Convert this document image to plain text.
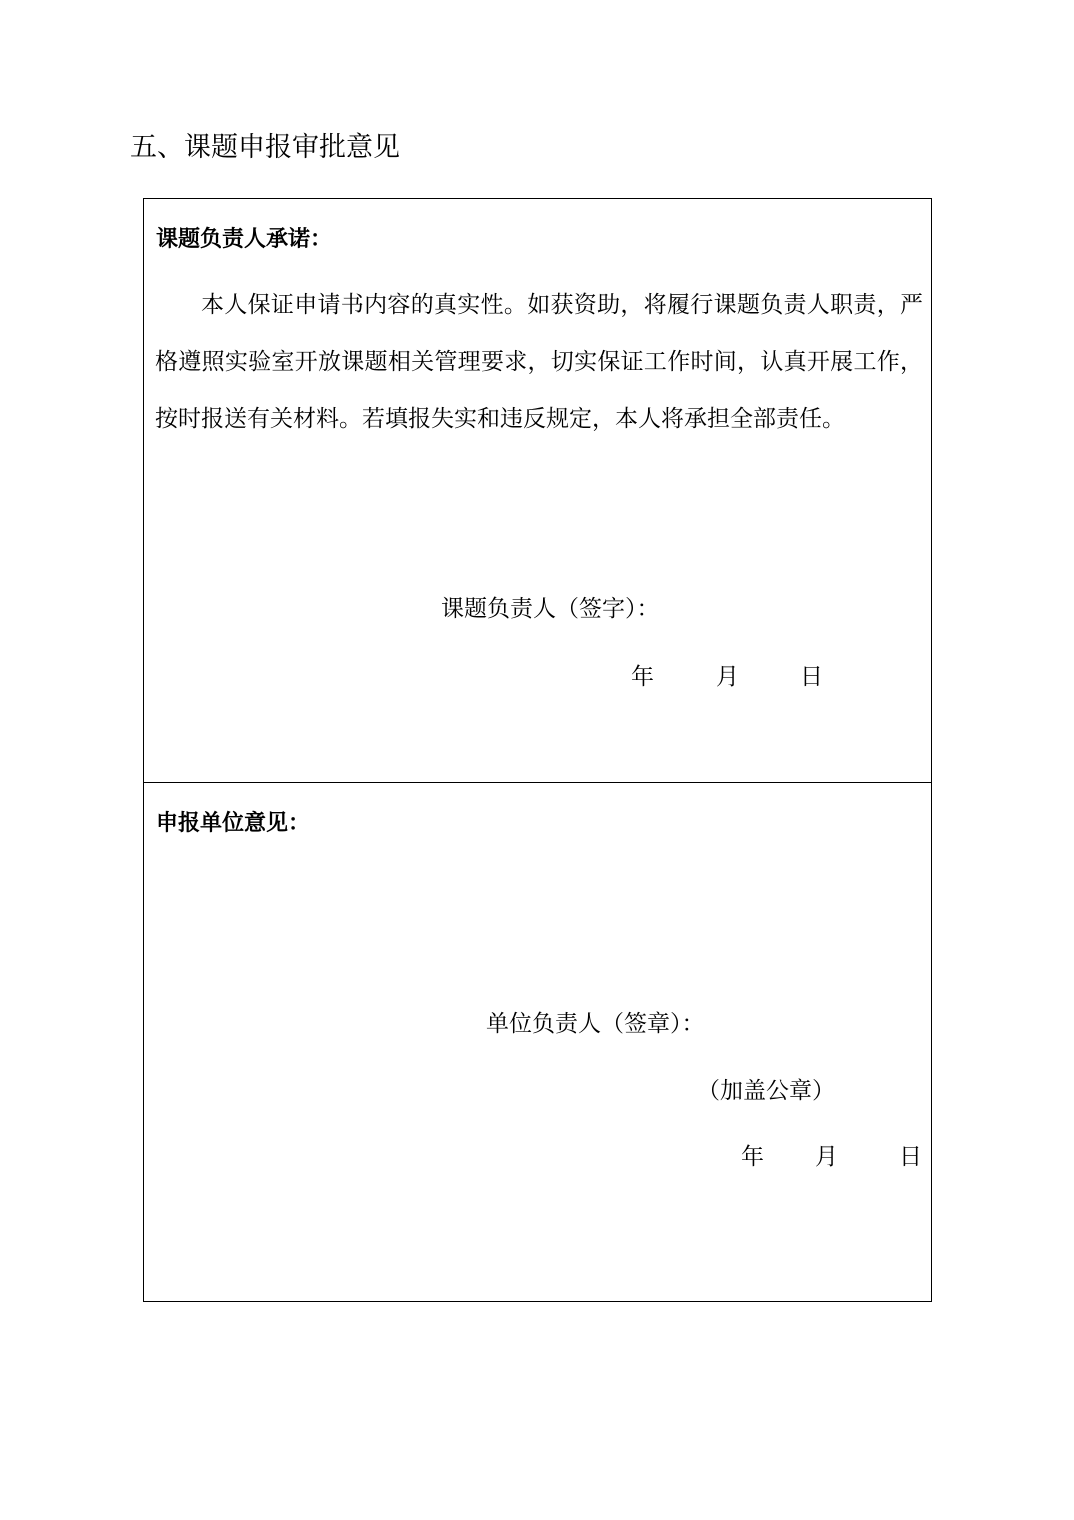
五、课题申报审批意见
课题负责人承诺：

本人保证申请书内容的真实性。如获资助，将履行课题负责人职责，严格遵照实验室开放课题相关管理要求，切实保证工作时间，认真开展工作，按时报送有关材料。若填报失实和违反规定，本人将承担全部责任。

课题负责人（签字）：
年	月	日
申报单位意见：
单位负责人（签章）：
（加盖公章）
年 月	日
